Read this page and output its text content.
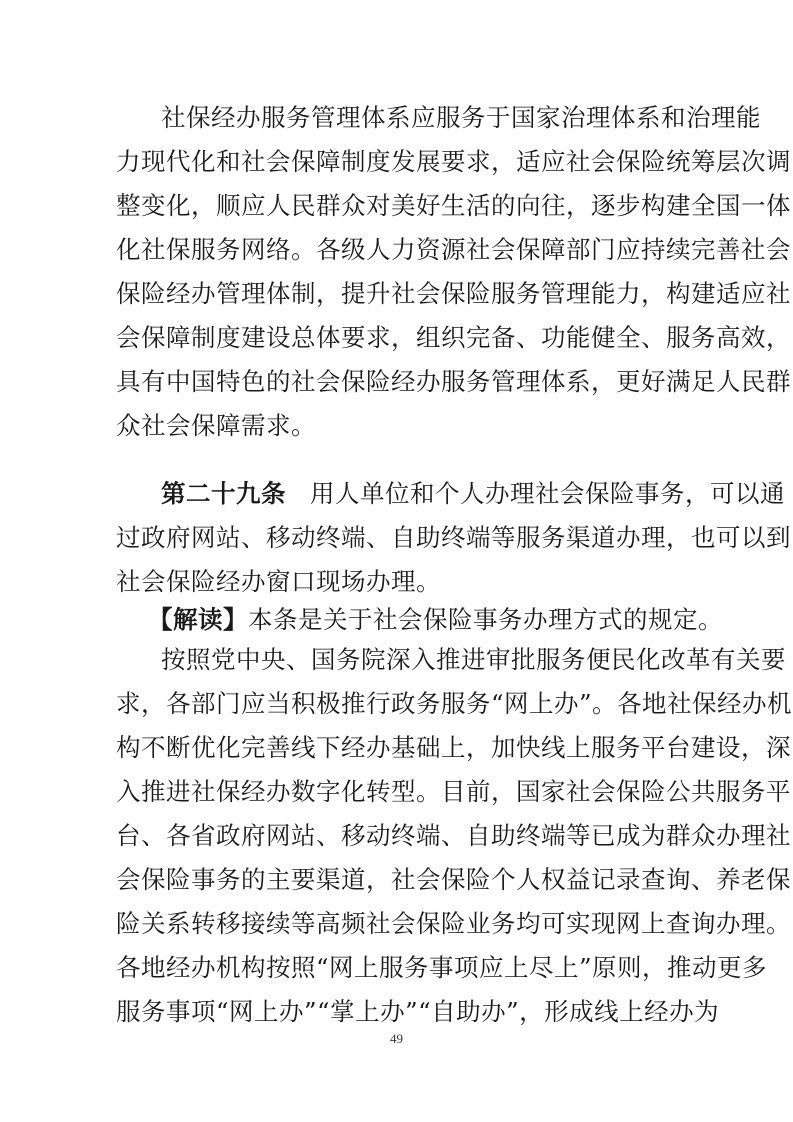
社保经办服务管理体系应服务于国家治理体系和治理能
力现代化和社会保障制度发展要求，适应社会保险统筹层次调
整变化，顺应人民群众对美好生活的向往，逐步构建全国一体
化社保服务网络。各级人力资源社会保障部门应持续完善社会
保险经办管理体制，提升社会保险服务管理能力，构建适应社
会保障制度建设总体要求，组织完备、功能健全、服务高效，
具有中国特色的社会保险经办服务管理体系，更好满足人民群
众社会保障需求。
第二十九条 用人单位和个人办理社会保险事务，可以通
过政府网站、移动终端、自助终端等服务渠道办理，也可以到
社会保险经办窗口现场办理。
【解读】本条是关于社会保险事务办理方式的规定。
按照党中央、国务院深入推进审批服务便民化改革有关要
求，各部门应当积极推行政务服务“网上办”。各地社保经办机
构不断优化完善线下经办基础上，加快线上服务平台建设，深
入推进社保经办数字化转型。目前，国家社会保险公共服务平
台、各省政府网站、移动终端、自助终端等已成为群众办理社
会保险事务的主要渠道，社会保险个人权益记录查询、养老保
险关系转移接续等高频社会保险业务均可实现网上查询办理。
各地经办机构按照“网上服务事项应上尽上”原则，推动更多
服务事项“网上办”“掌上办”“自助办”，形成线上经办为
49
